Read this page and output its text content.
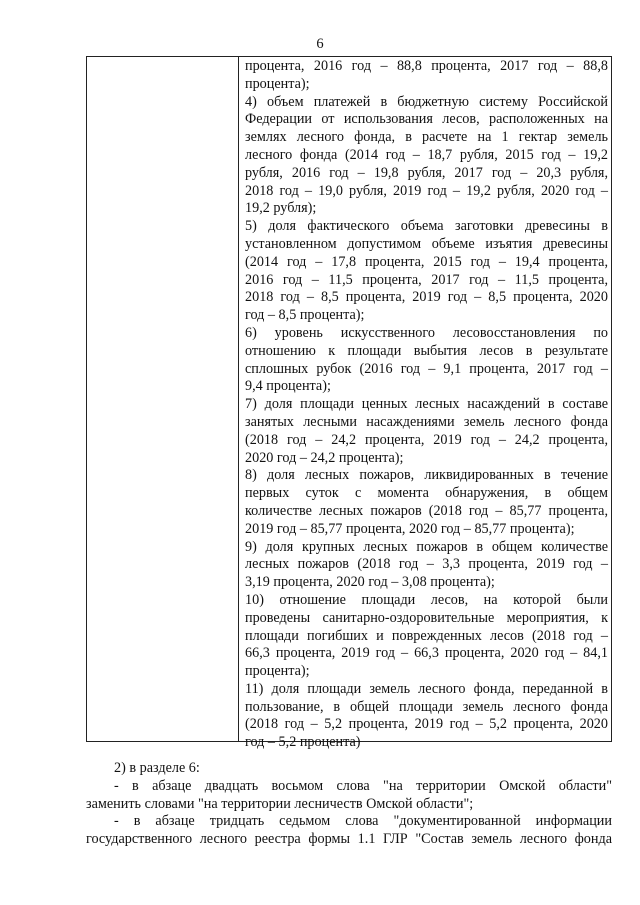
6
процента, 2016 год – 88,8 процента, 2017 год – 88,8
процента);
4) объем платежей в бюджетную систему Российской
Федерации от использования лесов, расположенных на
землях лесного фонда, в расчете на 1 гектар земель
лесного фонда (2014 год – 18,7 рубля, 2015 год – 19,2
рубля, 2016 год – 19,8 рубля, 2017 год – 20,3 рубля,
2018 год – 19,0 рубля, 2019 год – 19,2 рубля, 2020 год –
19,2 рубля);
5) доля фактического объема заготовки древесины в
установленном допустимом объеме изъятия древесины
(2014 год – 17,8 процента, 2015 год – 19,4 процента,
2016 год – 11,5 процента, 2017 год – 11,5 процента,
2018 год – 8,5 процента, 2019 год – 8,5 процента, 2020
год – 8,5 процента);
6) уровень искусственного лесовосстановления по
отношению к площади выбытия лесов в результате
сплошных рубок (2016 год – 9,1 процента, 2017 год –
9,4 процента);
7) доля площади ценных лесных насаждений в составе
занятых лесными насаждениями земель лесного фонда
(2018 год – 24,2 процента, 2019 год – 24,2 процента,
2020 год – 24,2 процента);
8) доля лесных пожаров, ликвидированных в течение
первых суток с момента обнаружения, в общем
количестве лесных пожаров (2018 год – 85,77 процента,
2019 год – 85,77 процента, 2020 год – 85,77 процента);
9) доля крупных лесных пожаров в общем количестве
лесных пожаров (2018 год – 3,3 процента, 2019 год –
3,19 процента, 2020 год – 3,08 процента);
10) отношение площади лесов, на которой были
проведены санитарно-оздоровительные мероприятия, к
площади погибших и поврежденных лесов (2018 год –
66,3 процента, 2019 год – 66,3 процента, 2020 год – 84,1
процента);
11) доля площади земель лесного фонда, переданной в
пользование, в общей площади земель лесного фонда
(2018 год – 5,2 процента, 2019 год – 5,2 процента, 2020
год – 5,2 процента)
2) в разделе 6:
- в абзаце двадцать восьмом слова "на территории Омской области"
заменить словами "на территории лесничеств Омской области";
- в абзаце тридцать седьмом слова "документированной информации
государственного лесного реестра формы 1.1 ГЛР "Состав земель лесного фонда
